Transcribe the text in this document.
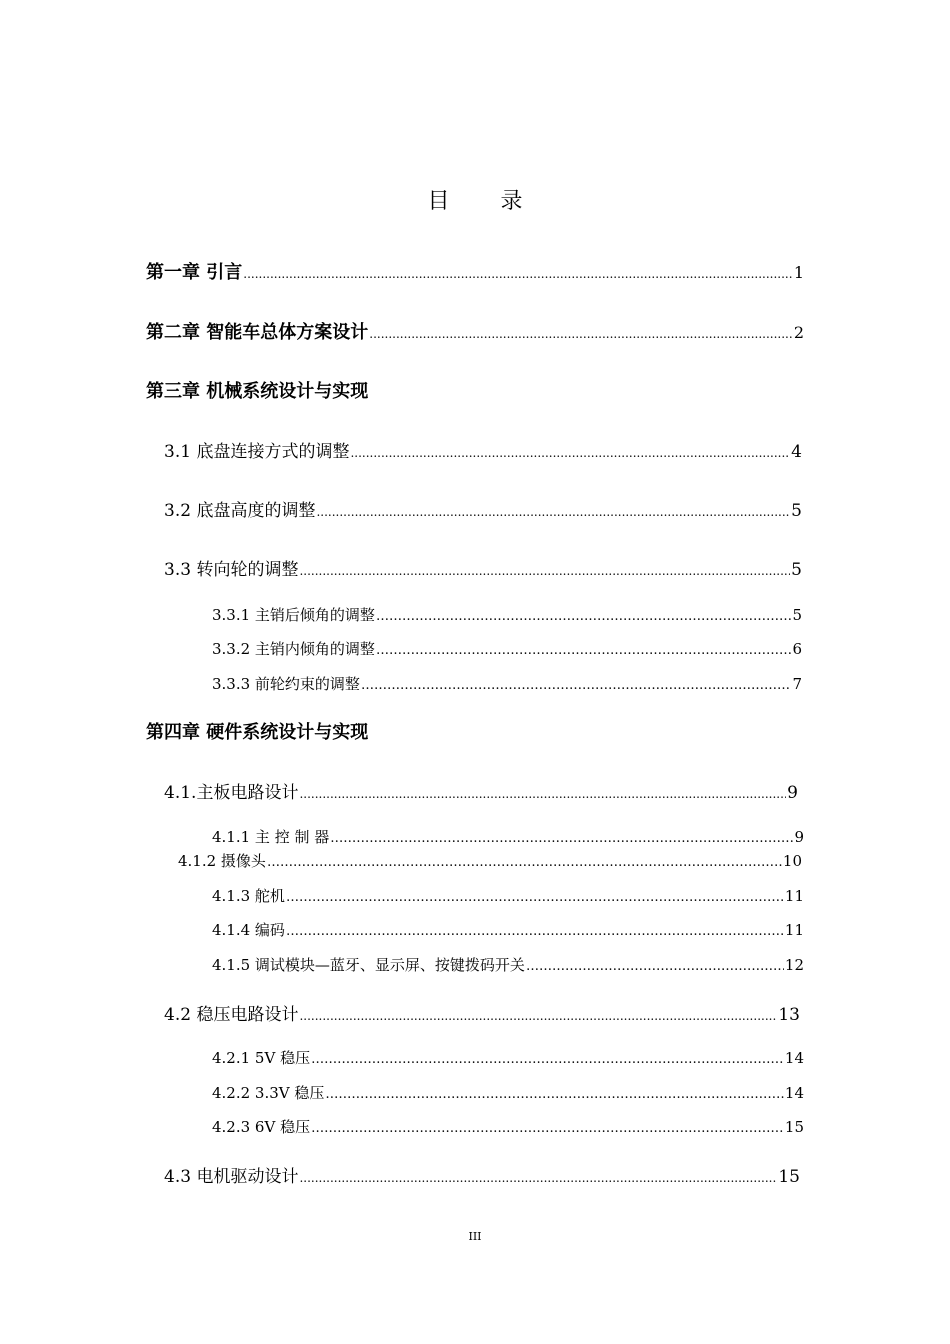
目 录
第一章 引言 .....	1
第二章 智能车总体方案设计 .....	2
第三章 机械系统设计与实现
3.1 底盘连接方式的调整 .....	4
3.2 底盘高度的调整 .....	5
3.3 转向轮的调整 .....	5
3.3.1 主销后倾角的调整 ……………………………………………………………………………………………………………………………………………………	5
3.3.2 主销内倾角的调整 ……………………………………………………………………………………………………………………………………………………	6
3.3.3 前轮约束的调整 ……………………………………………………………………………………………………………………………………………………	7
第四章 硬件系统设计与实现
4.1.主板电路设计 .....	9
4.1.1 主 控 制 器 ……………………………………………………………………………………………………………………………………………………	9
4.1.2 摄像头 ……………………………………………………………………………………………………………………………………………………	10
4.1.3 舵机 ……………………………………………………………………………………………………………………………………………………	11
4.1.4 编码 ……………………………………………………………………………………………………………………………………………………	11
4.1.5 调试模块—蓝牙、显示屏、按键拨码开关 ……………………………………………………………………………………………………………………………………………………	12
4.2 稳压电路设计 .....	13
4.2.1 5V 稳压 ……………………………………………………………………………………………………………………………………………………	14
4.2.2 3.3V 稳压 ……………………………………………………………………………………………………………………………………………………	14
4.2.3 6V 稳压 ……………………………………………………………………………………………………………………………………………………	15
4.3 电机驱动设计 .....	15
III
